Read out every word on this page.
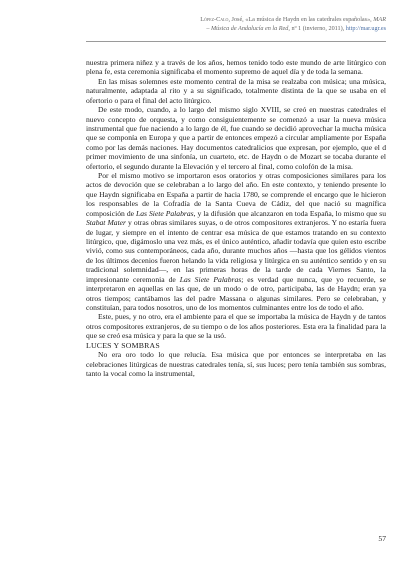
López-Calo, José, «La música de Haydn en las catedrales españolas», MAR – Música de Andalucía en la Red, nº 1 (invierno, 2011), http://mar.ugr.es

nuestra primera niñez y a través de los años, hemos tenido todo este mundo de arte litúrgico con plena fe, esta ceremonia significaba el momento supremo de aquel día y de toda la semana.

En las misas solemnes este momento central de la misa se realzaba con música; una música, naturalmente, adaptada al rito y a su significado, totalmente distinta de la que se usaba en el ofertorio o para el final del acto litúrgico.

De este modo, cuando, a lo largo del mismo siglo XVIII, se creó en nuestras catedrales el nuevo concepto de orquesta, y como consiguientemente se comenzó a usar la nueva música instrumental que fue naciendo a lo largo de él, fue cuando se decidió aprovechar la mucha música que se componía en Europa y que a partir de entonces empezó a circular ampliamente por España como por las demás naciones. Hay documentos catedralicios que expresan, por ejemplo, que el d primer movimiento de una sinfonía, un cuarteto, etc. de Haydn o de Mozart se tocaba durante el ofertorio, el segundo durante la Elevación y el tercero al final, como colofón de la misa.

Por el mismo motivo se importaron esos oratorios y otras composiciones similares para los actos de devoción que se celebraban a lo largo del año. En este contexto, y teniendo presente lo que Haydn significaba en España a partir de hacia 1780, se comprende el encargo que le hicieron los responsables de la Cofradía de la Santa Cueva de Cádiz, del que nació su magnífica composición de Las Siete Palabras, y la difusión que alcanzaron en toda España, lo mismo que su Stabat Mater y otras obras similares suyas, o de otros compositores extranjeros. Y no estaría fuera de lugar, y siempre en el intento de centrar esa música de que estamos tratando en su contexto litúrgico, que, digámoslo una vez más, es el único auténtico, añadir todavía que quien esto escribe vivió, como sus contemporáneos, cada año, durante muchos años —hasta que los gélidos vientos de los últimos decenios fueron helando la vida religiosa y litúrgica en su auténtico sentido y en su tradicional solemnidad—, en las primeras horas de la tarde de cada Viernes Santo, la impresionante ceremonia de Las Siete Palabras; es verdad que nunca, que yo recuerde, se interpretaron en aquellas en las que, de un modo o de otro, participaba, las de Haydn; eran ya otros tiempos; cantábamos las del padre Massana o algunas similares. Pero se celebraban, y constituían, para todos nosotros, uno de los momentos culminantes entre los de todo el año.

Este, pues, y no otro, era el ambiente para el que se importaba la música de Haydn y de tantos otros compositores extranjeros, de su tiempo o de los años posteriores. Esta era la finalidad para la que se creó esa música y para la que se la usó.

LUCES Y SOMBRAS

No era oro todo lo que relucía. Esa música que por entonces se interpretaba en las celebraciones litúrgicas de nuestras catedrales tenía, sí, sus luces; pero tenía también sus sombras, tanto la vocal como la instrumental,

57
